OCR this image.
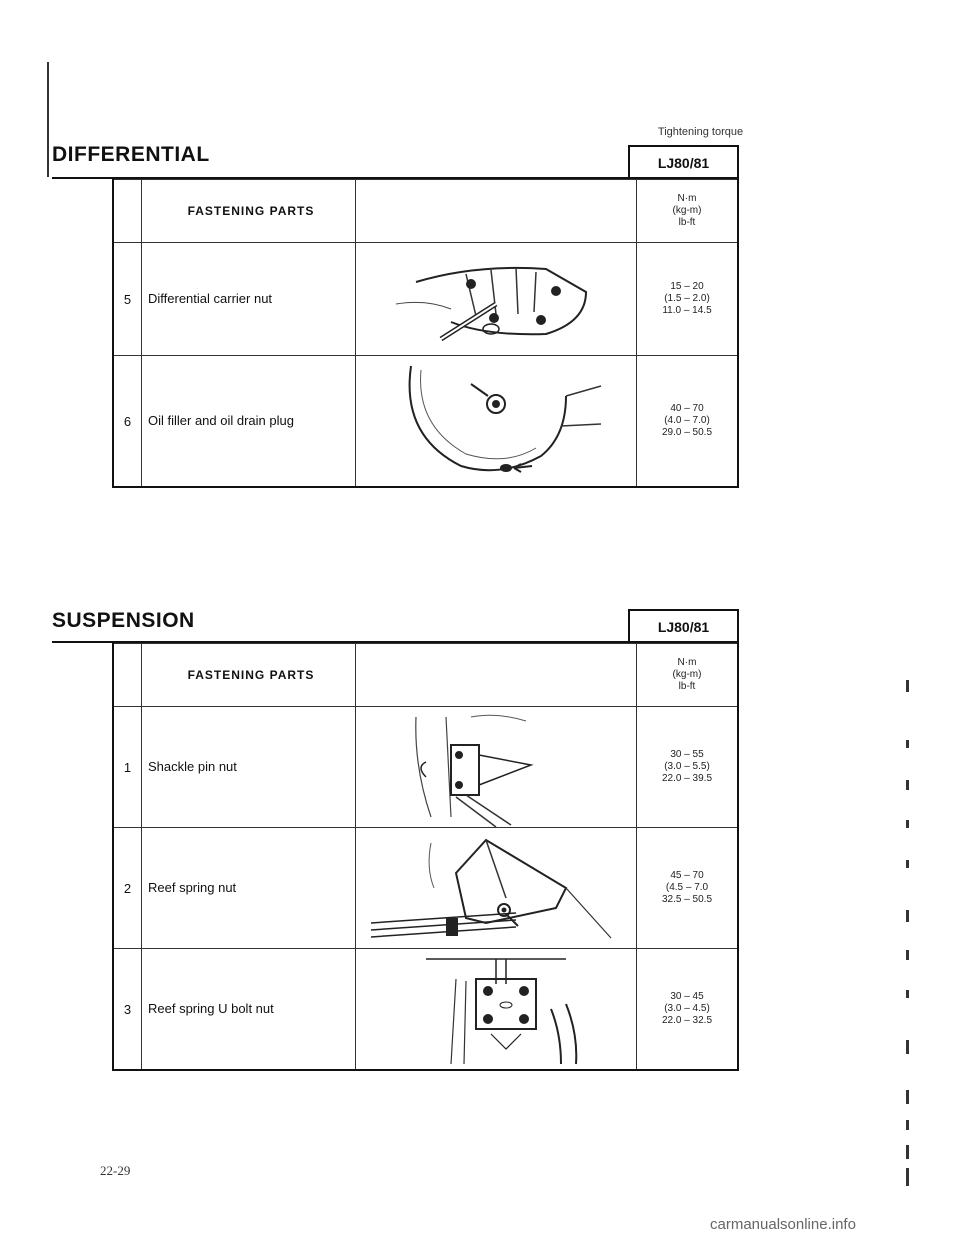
Tightening torque
DIFFERENTIAL	LJ80/81
	FASTENING PARTS		N·m
(kg-m)
lb-ft

5	Differential carrier nut		15 – 20
(1.5 – 2.0)
11.0 – 14.5

6	Oil filler and oil drain plug		40 – 70
(4.0 – 7.0)
29.0 – 50.5
SUSPENSION	LJ80/81
	FASTENING PARTS		N·m
(kg-m)
lb-ft

1	Shackle pin nut		30 – 55
(3.0 – 5.5)
22.0 – 39.5

2	Reef spring nut		45 – 70
(4.5 – 7.0
32.5 – 50.5

3	Reef spring U bolt nut		30 – 45
(3.0 – 4.5)
22.0 – 32.5
22-29
carmanualsonline.info
